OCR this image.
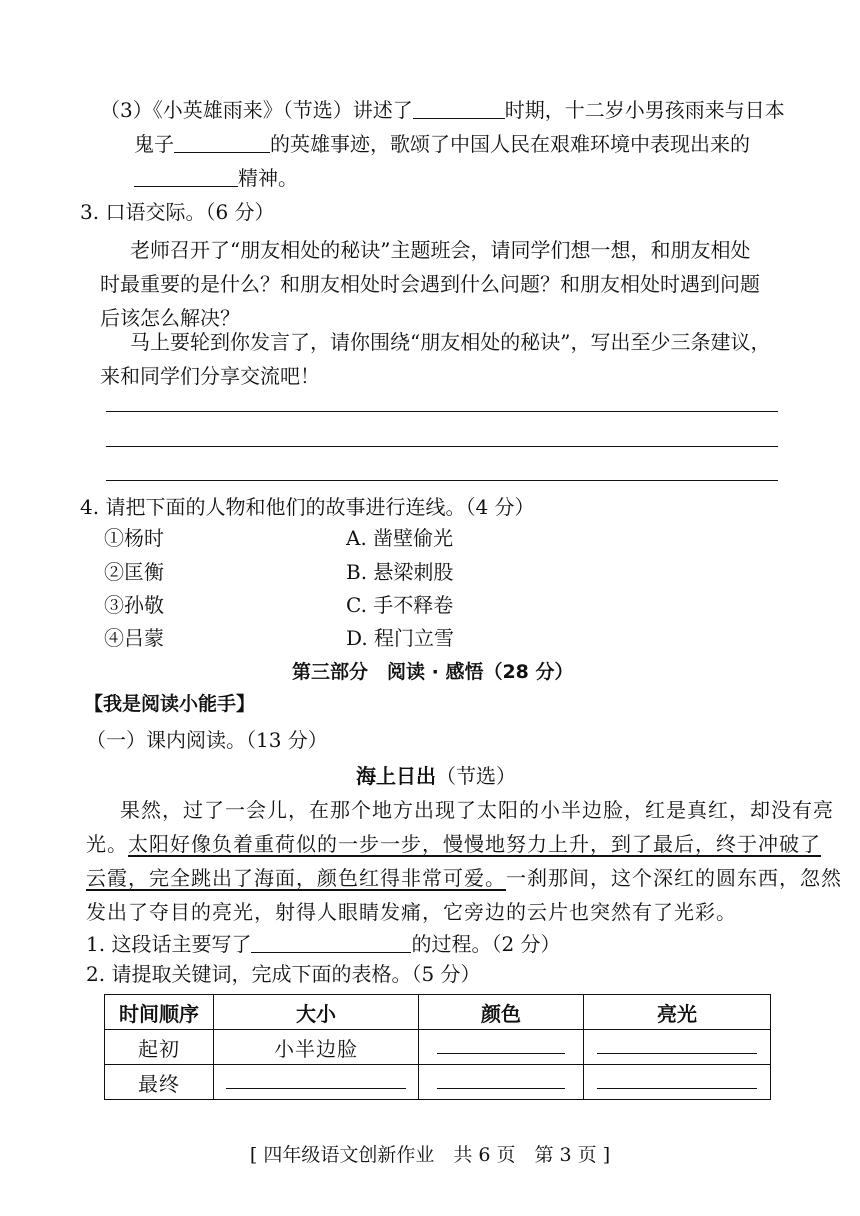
（3）《小英雄雨来》（节选）讲述了	时期，十二岁小男孩雨来与日本
鬼子	的英雄事迹，歌颂了中国人民在艰难环境中表现出来的
精神。
3. 口语交际。（6 分）
老师召开了“朋友相处的秘诀”主题班会，请同学们想一想，和朋友相处
时最重要的是什么？和朋友相处时会遇到什么问题？和朋友相处时遇到问题
后该怎么解决？
马上要轮到你发言了，请你围绕“朋友相处的秘诀”，写出至少三条建议，
来和同学们分享交流吧！
4. 请把下面的人物和他们的故事进行连线。（4 分）
①杨时	A. 凿壁偷光
②匡衡	B. 悬梁刺股
③孙敬	C. 手不释卷
④吕蒙	D. 程门立雪
第三部分　阅读 · 感悟（28 分）
【我是阅读小能手】
（一）课内阅读。（13 分）
海上日出（节选）
果然，过了一会儿，在那个地方出现了太阳的小半边脸，红是真红，却没有亮
光。太阳好像负着重荷似的一步一步，慢慢地努力上升，到了最后，终于冲破了
云霞，完全跳出了海面，颜色红得非常可爱。一刹那间，这个深红的圆东西，忽然
发出了夺目的亮光，射得人眼睛发痛，它旁边的云片也突然有了光彩。
1. 这段话主要写了	的过程。（2 分）
2. 请提取关键词，完成下面的表格。（5 分）
时间顺序	大小	颜色	亮光
起初	小半边脸		
最终			
[ 四年级语文创新作业　共 6 页　第 3 页 ]
